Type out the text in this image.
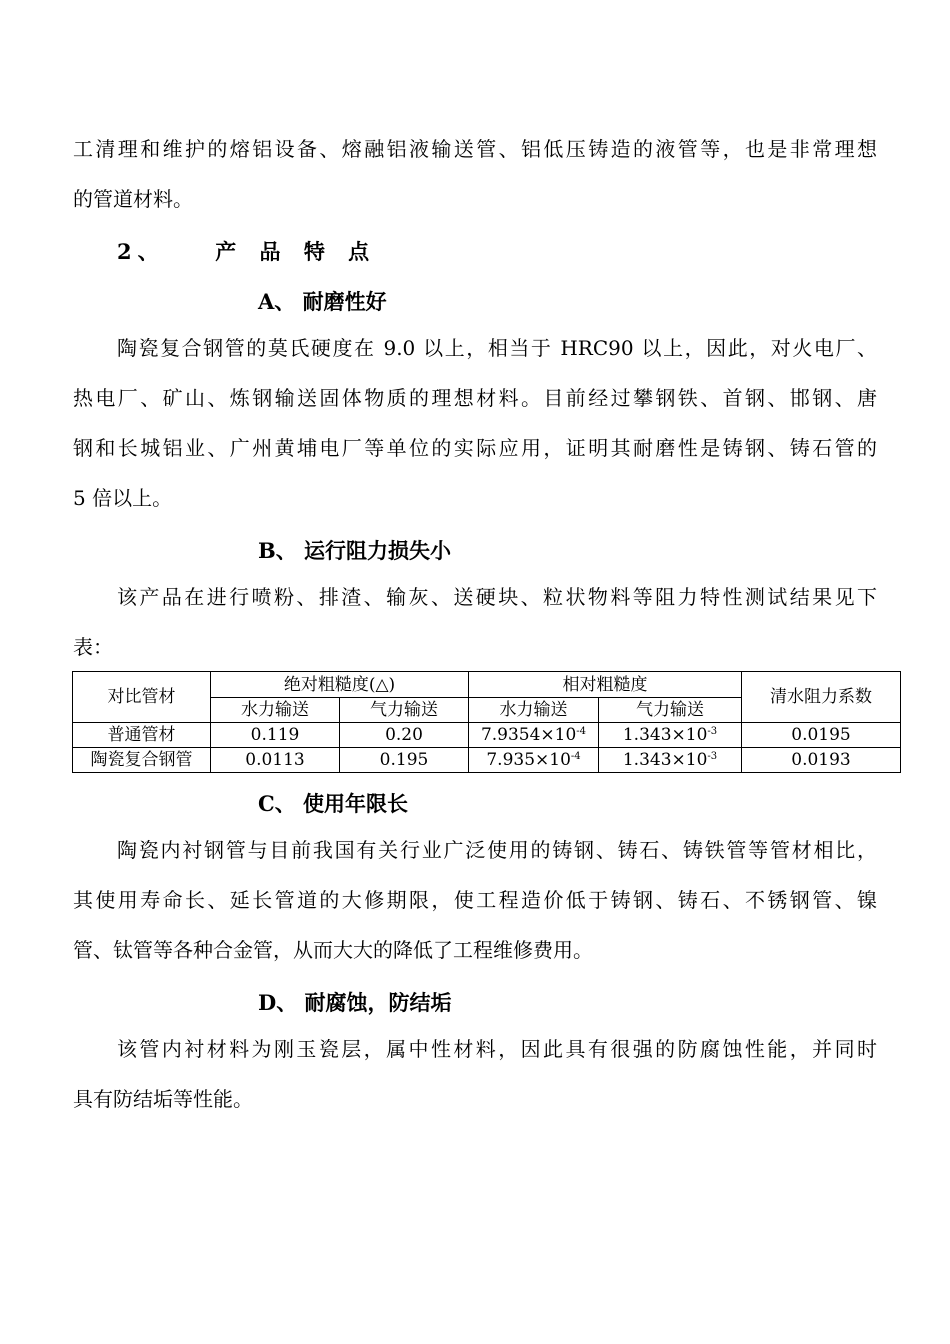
工清理和维护的熔铝设备、熔融铝液输送管、铝低压铸造的液管等，也是非常理想
的管道材料。
2、 产 品 特 点
A、 耐磨性好
陶瓷复合钢管的莫氏硬度在 9.0 以上，相当于 HRC90 以上，因此，对火电厂、
热电厂、矿山、炼钢输送固体物质的理想材料。目前经过攀钢铁、首钢、邯钢、唐
钢和长城铝业、广州黄埔电厂等单位的实际应用，证明其耐磨性是铸钢、铸石管的
5 倍以上。
B、 运行阻力损失小
该产品在进行喷粉、排渣、输灰、送硬块、粒状物料等阻力特性测试结果见下
表：
对比管材	绝对粗糙度(△)		相对粗糙度		清水阻力系数
	水力输送	气力输送	水力输送	气力输送	
普通管材	0.119	0.20	$7.9354\times 10^{-4}$	$1.343\times 10^{-3}$	0.0195
陶瓷复合钢管	0.0113	0.195	$7.935\times 10^{-4}$	$1.343\times 10^{-3}$	0.0193
C、 使用年限长
陶瓷内衬钢管与目前我国有关行业广泛使用的铸钢、铸石、铸铁管等管材相比，
其使用寿命长、延长管道的大修期限，使工程造价低于铸钢、铸石、不锈钢管、镍
管、钛管等各种合金管，从而大大的降低了工程维修费用。
D、 耐腐蚀，防结垢
该管内衬材料为刚玉瓷层，属中性材料，因此具有很强的防腐蚀性能，并同时
具有防结垢等性能。
